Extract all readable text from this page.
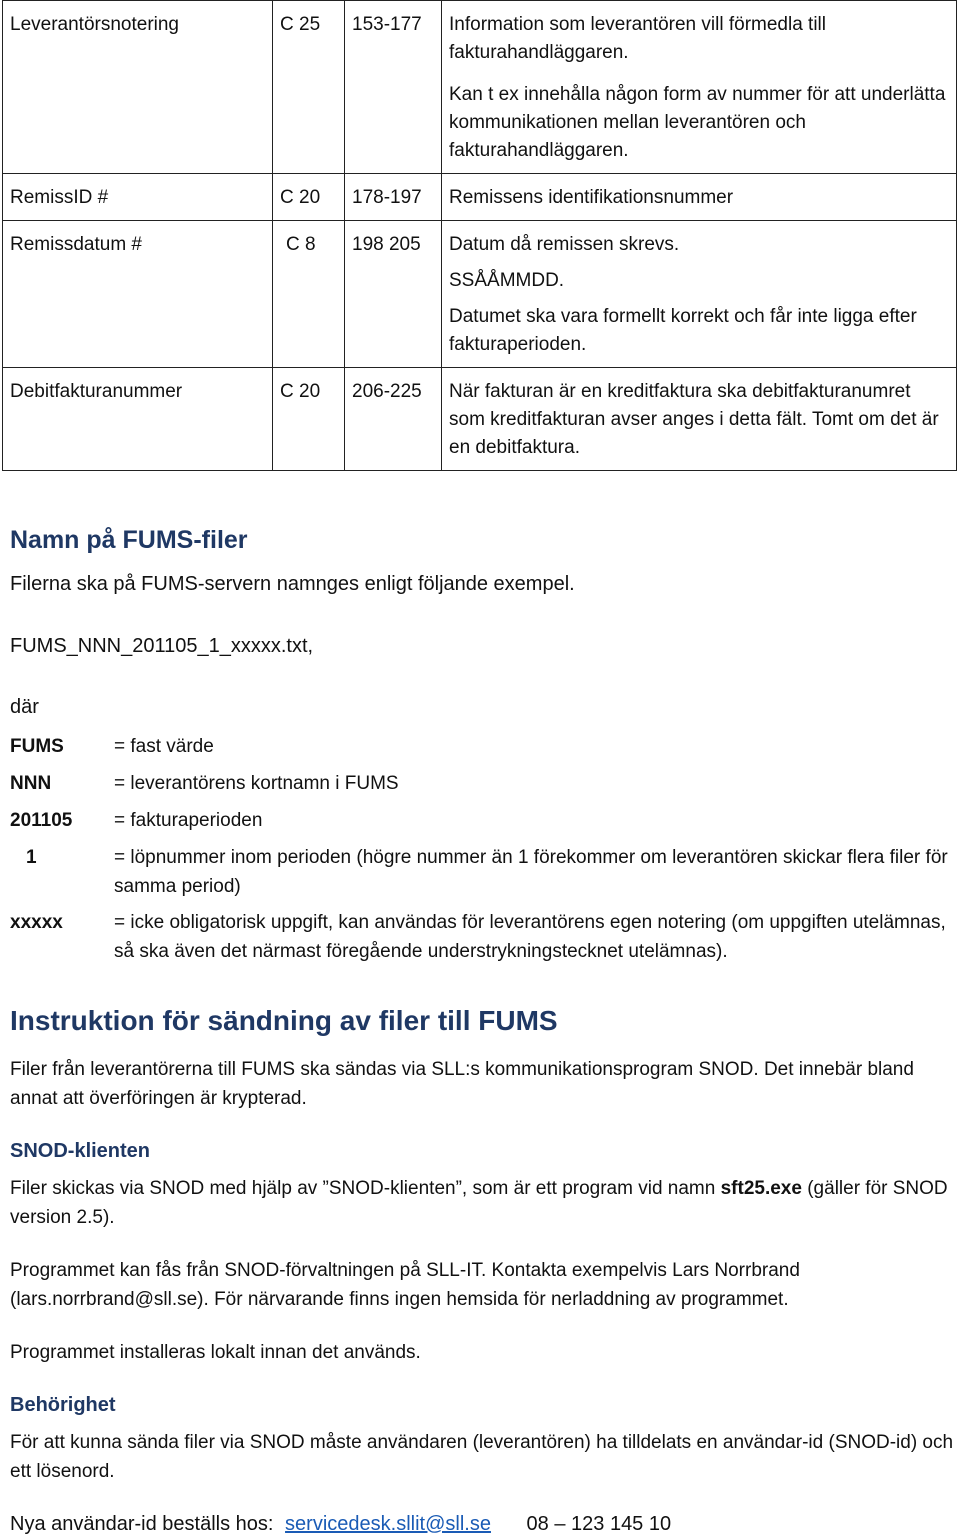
Leverantörsnotering	C 25	153-177	Information som leverantören vill förmedla till fakturahandläggaren.

Kan t ex innehålla någon form av nummer för att underlätta kommunikationen mellan leverantören och fakturahandläggaren.

RemissID #	C 20	178-197	Remissens identifikationsnummer

Remissdatum #	C 8	198 205	Datum då remissen skrevs.

SSÅÅMMDD.

Datumet ska vara formellt korrekt och får inte ligga efter fakturaperioden.

Debitfakturanummer	C 20	206-225	När fakturan är en kreditfaktura ska debitfakturanumret som kreditfakturan avser anges i detta fält. Tomt om det är en debitfaktura.

Namn på FUMS-filer

Filerna ska på FUMS-servern namnges enligt följande exempel.

FUMS_NNN_201105_1_xxxxx.txt,

där

FUMS	= fast värde
NNN	= leverantörens kortnamn i FUMS
201105 = fakturaperioden
1	= löpnummer inom perioden (högre nummer än 1 förekommer om leverantören skickar flera filer för samma period)
xxxxx	= icke obligatorisk uppgift, kan användas för leverantörens egen notering (om uppgiften utelämnas, så ska även det närmast föregående understrykningstecknet utelämnas).
Instruktion för sändning av filer till FUMS

Filer från leverantörerna till FUMS ska sändas via SLL:s kommunikationsprogram SNOD. Det innebär bland annat att överföringen är krypterad.

SNOD-klienten

Filer skickas via SNOD med hjälp av ”SNOD-klienten”, som är ett program vid namn sft25.exe (gäller för SNOD version 2.5).

Programmet kan fås från SNOD-förvaltningen på SLL-IT. Kontakta exempelvis Lars Norrbrand (lars.norrbrand@sll.se). För närvarande finns ingen hemsida för nerladdning av programmet.

Programmet installeras lokalt innan det används.

Behörighet

För att kunna sända filer via SNOD måste användaren (leverantören) ha tilldelats en användar-id (SNOD-id) och ett lösenord.

Nya användar-id beställs hos: servicedesk.sllit@sll.se 08 – 123 145 10
